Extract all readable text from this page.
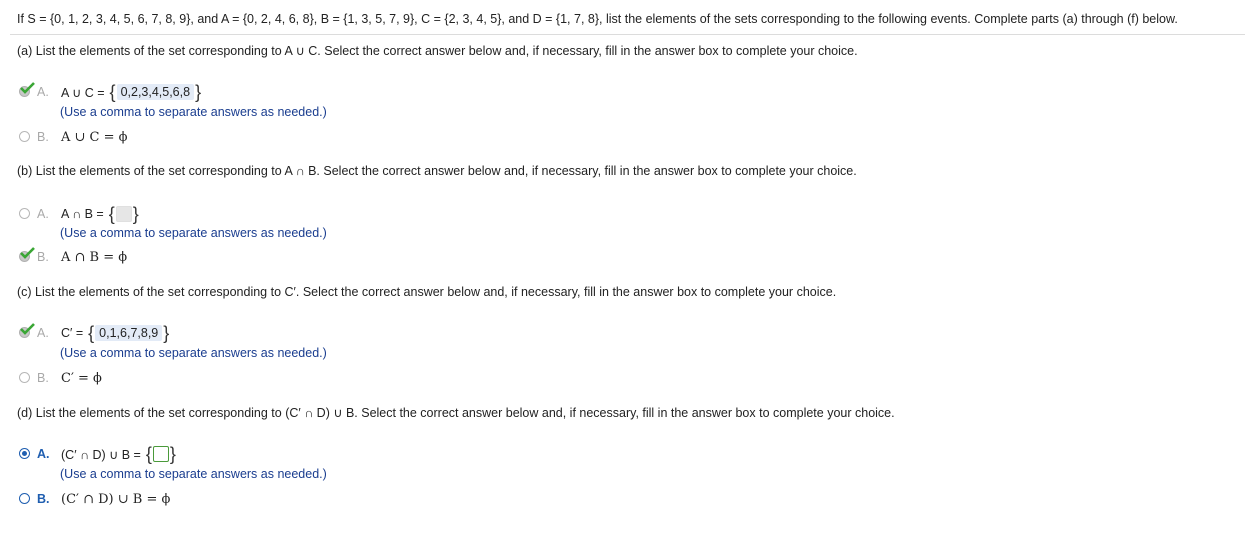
If S = {0, 1, 2, 3, 4, 5, 6, 7, 8, 9}, and A = {0, 2, 4, 6, 8}, B = {1, 3, 5, 7, 9}, C = {2, 3, 4, 5}, and D = {1, 7, 8}, list the elements of the sets corresponding to the following events. Complete parts (a) through (f) below.
(a) List the elements of the set corresponding to A ∪ C. Select the correct answer below and, if necessary, fill in the answer box to complete your choice.
A. A ∪ C = { 0,2,3,4,5,6,8 }
(Use a comma to separate answers as needed.)
B. A ∪ C = ϕ
(b) List the elements of the set corresponding to A ∩ B. Select the correct answer below and, if necessary, fill in the answer box to complete your choice.
A. A ∩ B = { }
(Use a comma to separate answers as needed.)
B. A ∩ B = ϕ
(c) List the elements of the set corresponding to C′. Select the correct answer below and, if necessary, fill in the answer box to complete your choice.
A. C′ = { 0,1,6,7,8,9 }
(Use a comma to separate answers as needed.)
B. C′ = ϕ
(d) List the elements of the set corresponding to (C′ ∩ D) ∪ B. Select the correct answer below and, if necessary, fill in the answer box to complete your choice.
A. (C′ ∩ D) ∪ B = { }
(Use a comma to separate answers as needed.)
B. (C′ ∩ D) ∪ B = ϕ
